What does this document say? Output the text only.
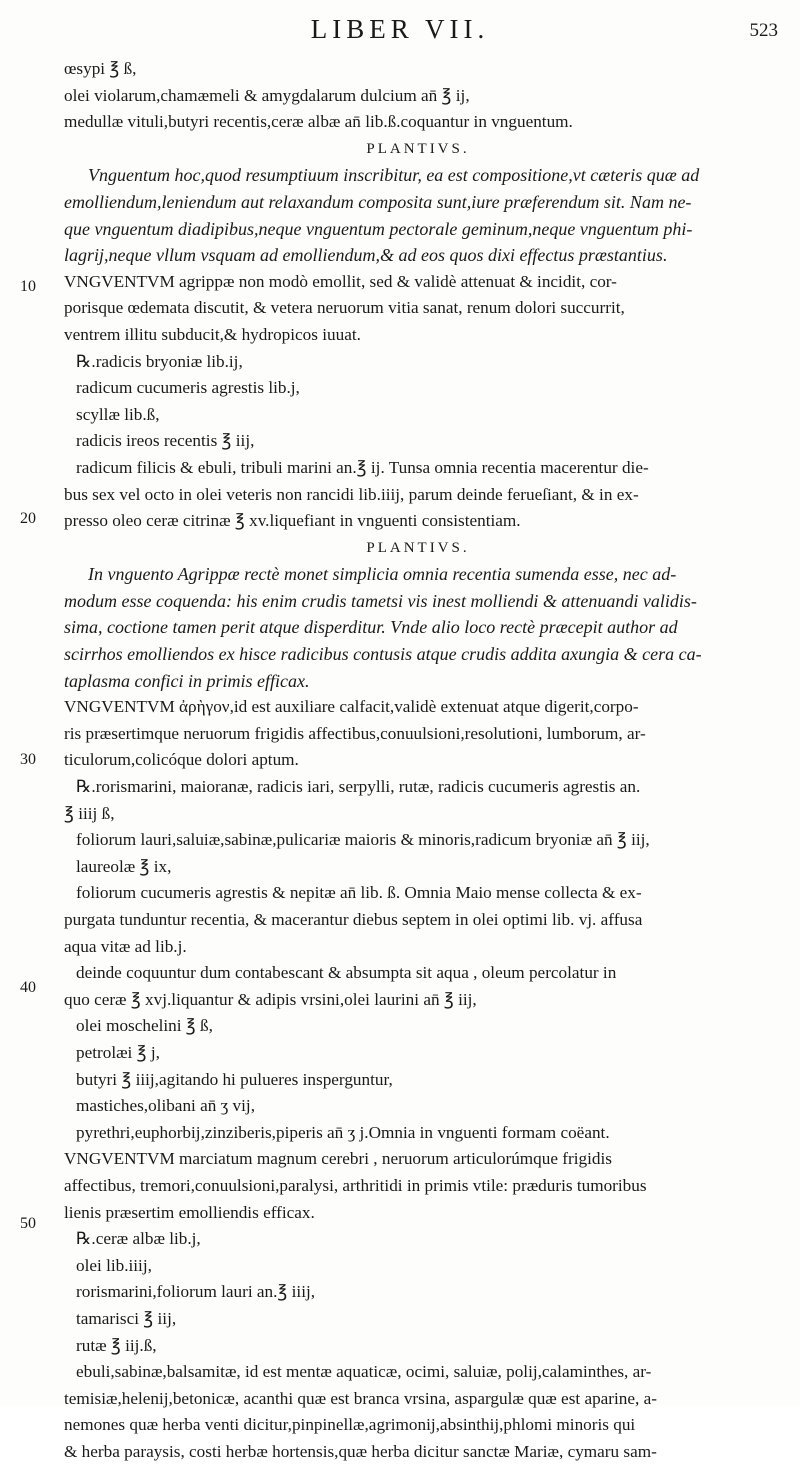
LIBER VII.	523
10
20
30
40
50
œsypi ℥ ß,
olei violarum,chamæmeli & amygdalarum dulcium an̄ ℥ ij,
medullæ vituli,butyri recentis,ceræ albæ an̄ lib.ß.coquantur in vnguentum.
PLANTIVS.
Vnguentum hoc,quod resumptiuum inscribitur, ea est compositione,vt cæteris quæ ad
emolliendum,leniendum aut relaxandum composita sunt,iure præferendum sit. Nam ne-
que vnguentum diadipibus,neque vnguentum pectorale geminum,neque vnguentum phi-
lagrij,neque vllum vsquam ad emolliendum,& ad eos quos dixi effectus præstantius.
VNGVENTVM agrippæ non modò emollit, sed & validè attenuat & incidit, cor-
porisque œdemata discutit, & vetera neruorum vitia sanat, renum dolori succurrit,
ventrem illitu subducit,& hydropicos iuuat.
℞.radicis bryoniæ lib.ij,
radicum cucumeris agrestis lib.j,
scyllæ lib.ß,
radicis ireos recentis ℥ iij,
radicum filicis & ebuli, tribuli marini an.℥ ij. Tunsa omnia recentia macerentur die-
bus sex vel octo in olei veteris non rancidi lib.iiij, parum deinde ferueſiant, & in ex-
presso oleo ceræ citrinæ ℥ xv.liquefiant in vnguenti consistentiam.
PLANTIVS.
In vnguento Agrippæ rectè monet simplicia omnia recentia sumenda esse, nec ad-
modum esse coquenda: his enim crudis tametsi vis inest molliendi & attenuandi validis-
sima, coctione tamen perit atque disperditur. Vnde alio loco rectè præcepit author ad
scirrhos emolliendos ex hisce radicibus contusis atque crudis addita axungia & cera ca-
taplasma confici in primis efficax.
VNGVENTVM ἀρὴγον,id est auxiliare calfacit,validè extenuat atque digerit,corpo-
ris præsertimque neruorum frigidis affectibus,conuulsioni,resolutioni, lumborum, ar-
ticulorum,colicóque dolori aptum.
℞.rorismarini, maioranæ, radicis iari, serpylli, rutæ, radicis cucumeris agrestis an.
℥ iiij ß,
foliorum lauri,saluiæ,sabinæ,pulicariæ maioris & minoris,radicum bryoniæ an̄ ℥ iij,
laureolæ ℥ ix,
foliorum cucumeris agrestis & nepitæ an̄ lib. ß. Omnia Maio mense collecta & ex-
purgata tunduntur recentia, & macerantur diebus septem in olei optimi lib. vj. affusa
aqua vitæ ad lib.j.
deinde coquuntur dum contabescant & absumpta sit aqua , oleum percolatur in
quo ceræ ℥ xvj.liquantur & adipis vrsini,olei laurini an̄ ℥ iij,
olei moschelini ℥ ß,
petrolæi ℥ j,
butyri ℥ iiij,agitando hi pulueres insperguntur,
mastiches,olibani an̄ ʒ vij,
pyrethri,euphorbij,zinziberis,piperis an̄ ʒ j.Omnia in vnguenti formam coëant.
VNGVENTVM marciatum magnum cerebri , neruorum articulorúmque frigidis
affectibus, tremori,conuulsioni,paralysi, arthritidi in primis vtile: præduris tumoribus
lienis præsertim emolliendis efficax.
℞.ceræ albæ lib.j,
olei lib.iiij,
rorismarini,foliorum lauri an.℥ iiij,
tamarisci ℥ iij,
rutæ ℥ iij.ß,
ebuli,sabinæ,balsamitæ, id est mentæ aquaticæ, ocimi, saluiæ, polij,calaminthes, ar-
temisiæ,helenij,betonicæ, acanthi quæ est branca vrsina, aspargulæ quæ est aparine, a-
nemones quæ herba venti dicitur,pinpinellæ,agrimonij,absinthij,phlomi minoris qui
& herba paraysis, costi herbæ hortensis,quæ herba dicitur sanctæ Mariæ, cymaru sam-
